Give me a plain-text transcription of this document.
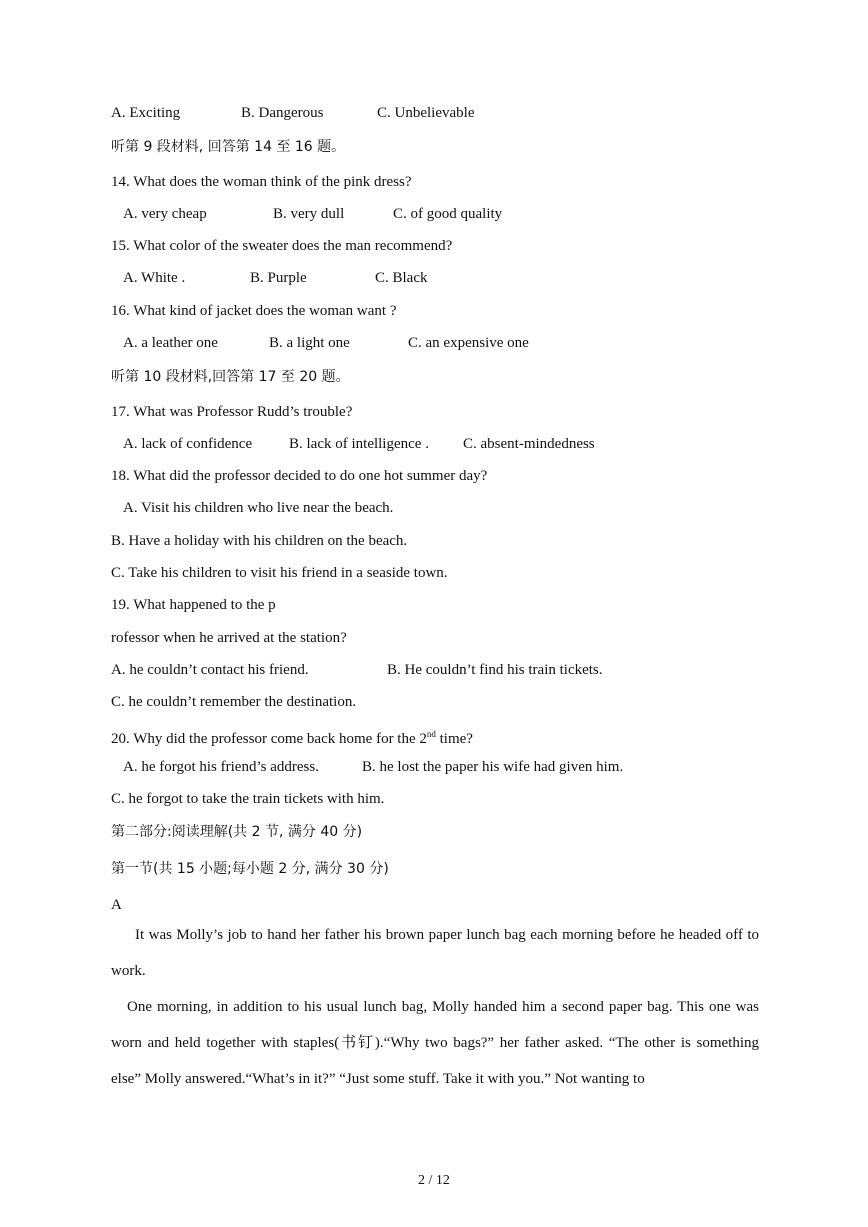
A. Exciting	B. Dangerous	C. Unbelievable
听第 9 段材料, 回答第 14 至 16 题。
14. What does the woman think of the pink dress?
A. very cheap	B. very dull	C. of good quality
15. What color of the sweater does the man recommend?
A. White .	B. Purple	C. Black
16. What kind of jacket does the woman want ?
A. a leather one	B. a light one	C. an expensive one
听第 10 段材料,回答第 17 至 20 题。
17. What was Professor Rudd’s trouble?
A. lack of confidence B. lack of intelligence . C. absent-mindedness
18. What did the professor decided to do one hot summer day?
A. Visit his children who live near the beach.
B. Have a holiday with his children on the beach.
C. Take his children to visit his friend in a seaside town.
19. What happened to the p
rofessor when he arrived at the station?
A. he couldn’t contact his friend.	B. He couldn’t find his train tickets.
C. he couldn’t remember the destination.
20. Why did the professor come back home for the 2nd time?
A. he forgot his friend’s address.	B. he lost the paper his wife had given him.
C. he forgot to take the train tickets with him.
第二部分:阅读理解(共 2 节, 满分 40 分)
第一节(共 15 小题;每小题 2 分, 满分 30 分)
A

It was Molly’s job to hand her father his brown paper lunch bag each morning before he headed off to work.

One morning, in addition to his usual lunch bag, Molly handed him a second paper bag. This one was worn and held together with staples(书钉).“Why two bags?” her father asked. “The other is something else” Molly answered.“What’s in it?” “Just some stuff. Take it with you.” Not wanting to

2 / 12
